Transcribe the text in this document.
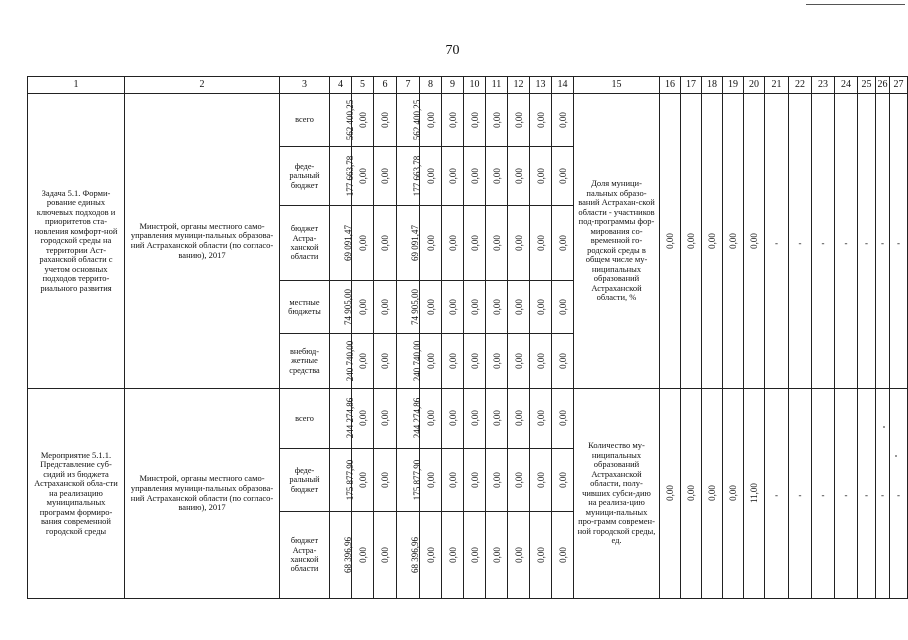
70
1	2	3	4	5	6	7	8	9	10	11	12	13	14	15	16	17	18	19	20	21	22	23	24	25	26	27
Задача 5.1. Форми-рование единых ключевых подходов и приоритетов ста-новления комфорт-ной городской среды на территории Аст-раханской области с учетом основных подходов террито-риального развития	Минстрой, органы местного само-управления муници-пальных образова-ний Астраханской области (по согласо-ванию), 2017	всего	562 400,25	0,00	0,00	562 400,25	0,00	0,00	0,00	0,00	0,00	0,00	0,00	Доля муници-пальных образо-ваний Астрахан-ской области - участников под-программы фор-мирования со-временной го-родской среды в общем числе му-ниципальных образований Астраханской области, %	0,00	0,00	0,00	0,00	0,00	-	-	-	-	-	-	-
		феде-ральный бюджет	177 663,78	0,00	0,00	177 663,78	0,00	0,00	0,00	0,00	0,00	0,00	0,00													
		бюджет Астра-ханской области	69 091,47	0,00	0,00	69 091,47	0,00	0,00	0,00	0,00	0,00	0,00	0,00													
		местные бюджеты	74 905,00	0,00	0,00	74 905,00	0,00	0,00	0,00	0,00	0,00	0,00	0,00													
		внебюд-жетные средства	240 740,00	0,00	0,00	240 740,00	0,00	0,00	0,00	0,00	0,00	0,00	0,00													
Мероприятие 5.1.1. Представление суб-сидий из бюджета Астраханской обла-сти на реализацию муниципальных программ формиро-вания современной городской среды	Минстрой, органы местного само-управления муници-пальных образова-ний Астраханской области (по согласо-ванию), 2017	всего	244 274,86	0,00	0,00	244 274,86	0,00	0,00	0,00	0,00	0,00	0,00	0,00	Количество му-ниципальных образований Астраханской области, полу-чивших субси-дию на реализа-цию муници-пальных про-грамм современ-ной городской среды, ед.	0,00	0,00	0,00	0,00	11,00	-	-	-	-	-	-	-
		феде-ральный бюджет	175 877,90	0,00	0,00	175 877,90	0,00	0,00	0,00	0,00	0,00	0,00	0,00													
		бюджет Астра-ханской области	68 396,96	0,00	0,00	68 396,96	0,00	0,00	0,00	0,00	0,00	0,00	0,00													
